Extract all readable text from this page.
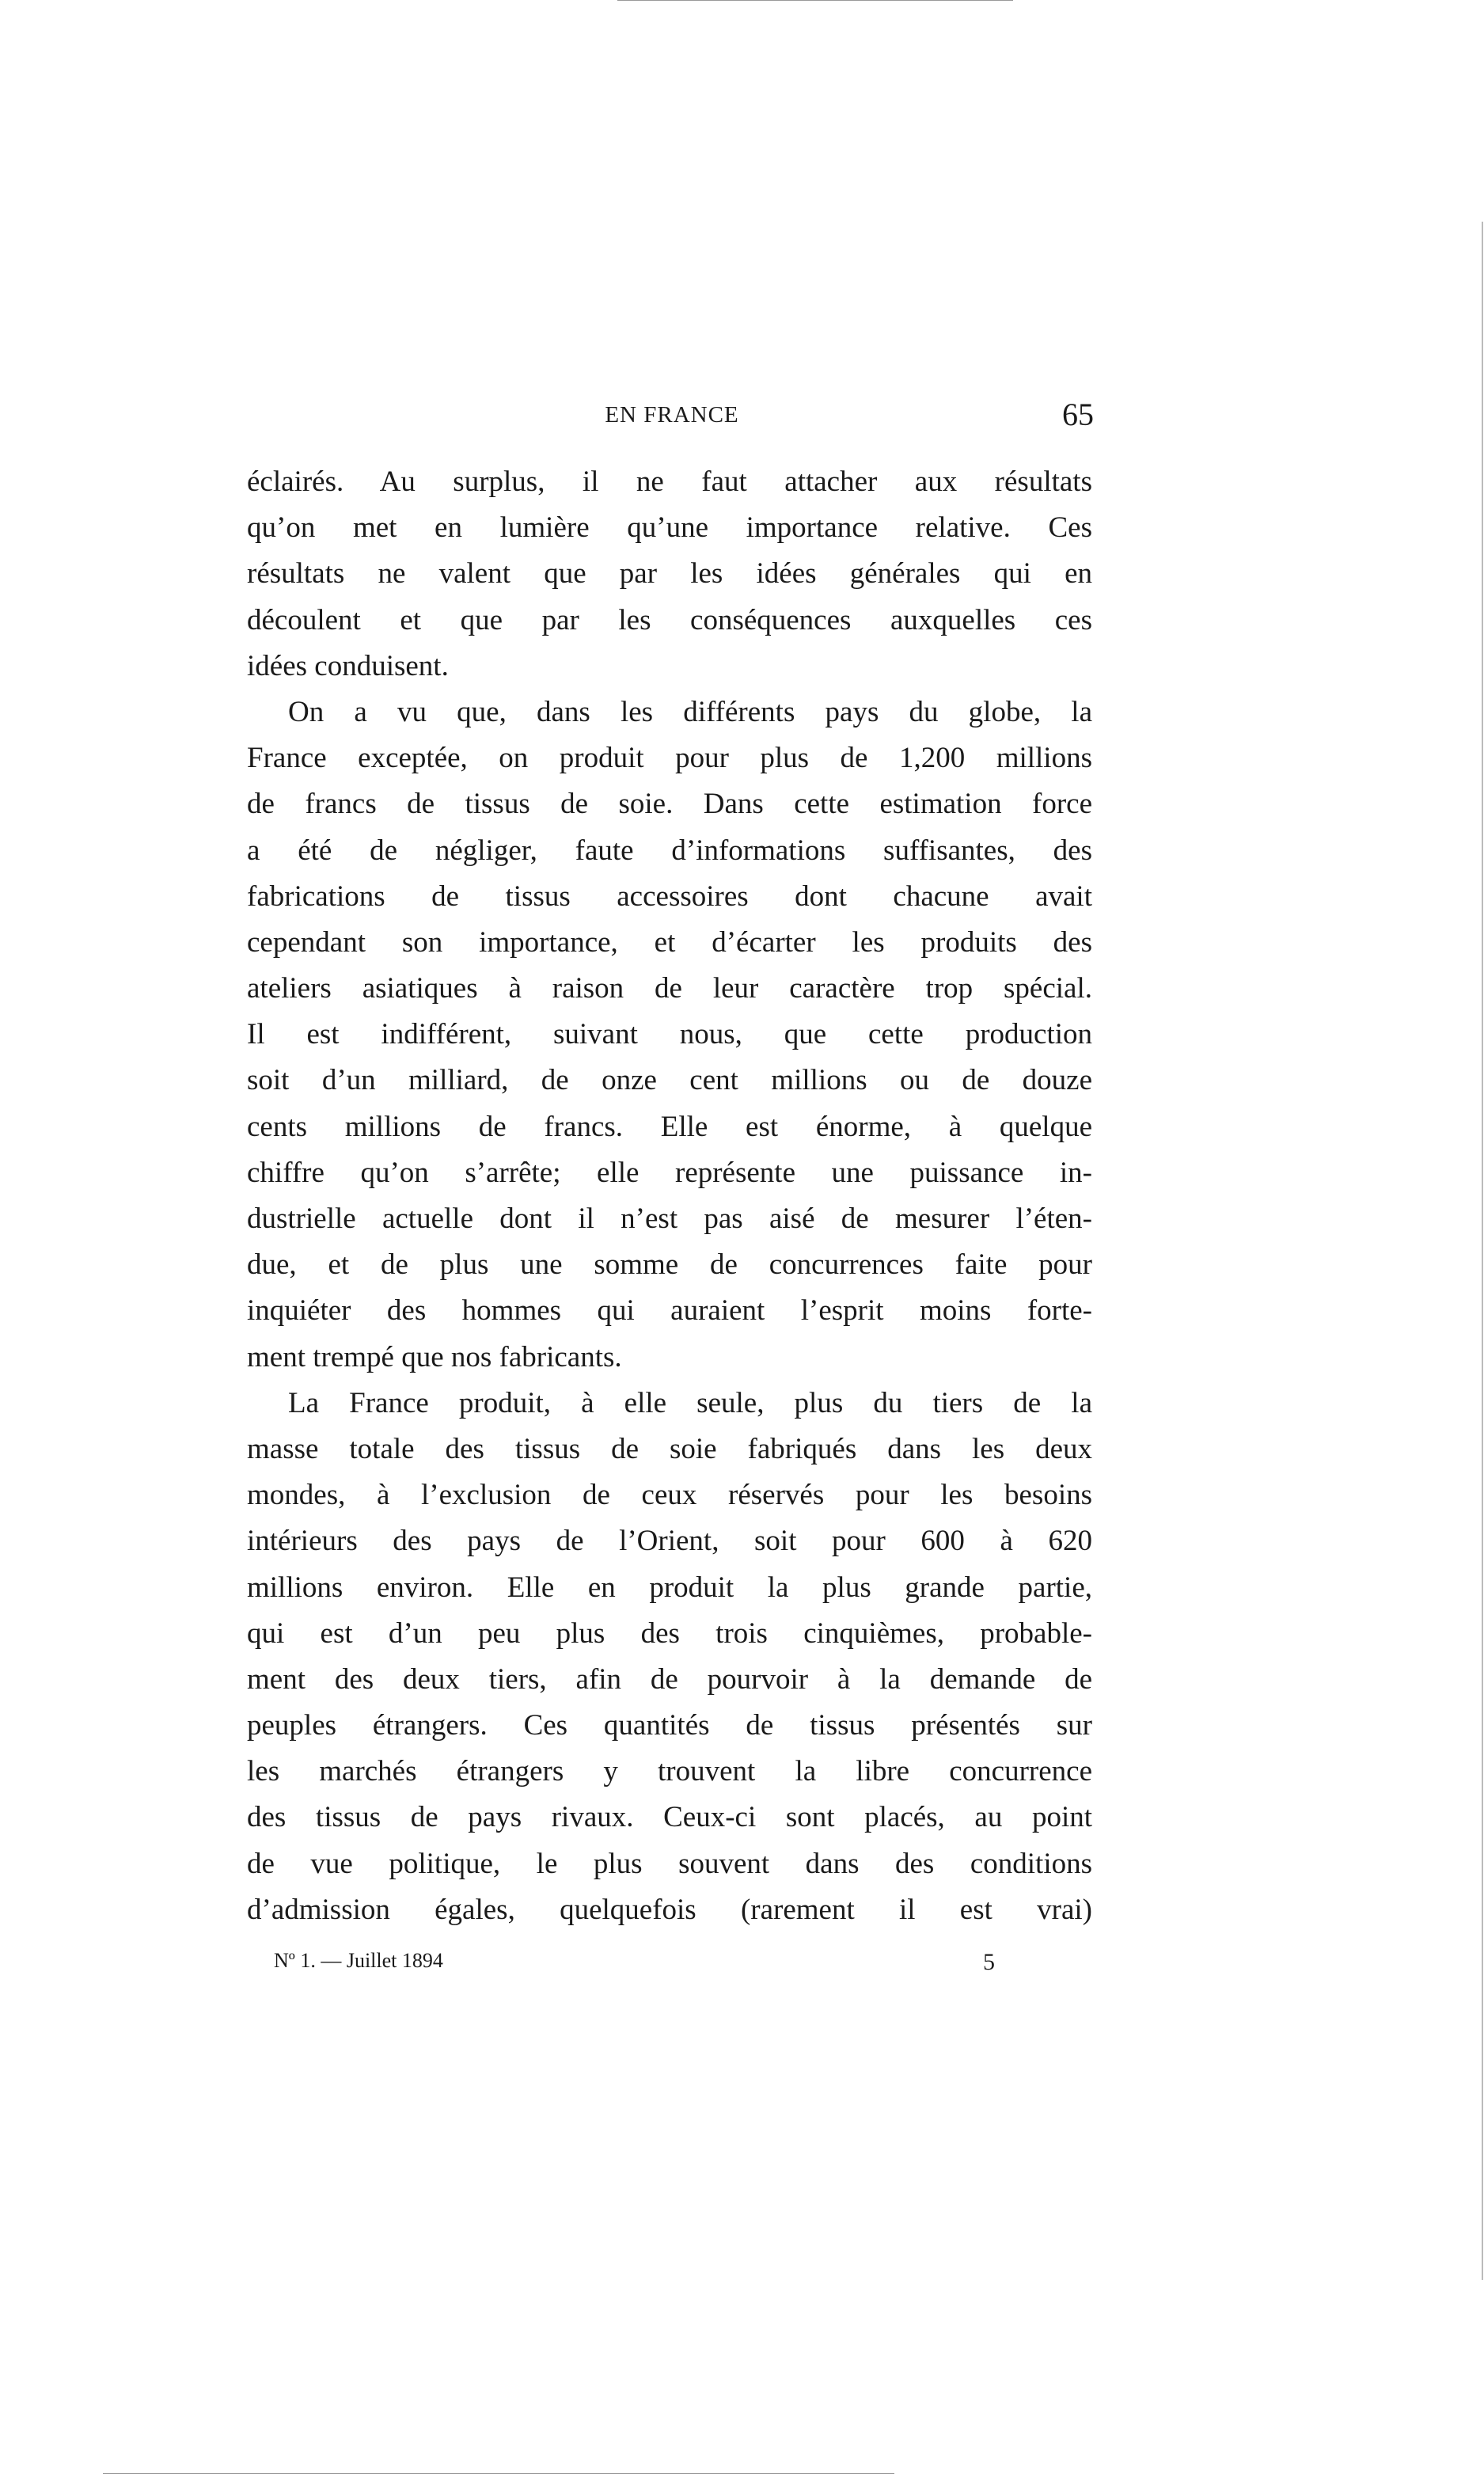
EN FRANCE	65
éclairés. Au surplus, il ne faut attacher aux résultats
qu’on met en lumière qu’une importance relative. Ces
résultats ne valent que par les idées générales qui en
découlent et que par les conséquences auxquelles ces
idées conduisent.
On a vu que, dans les différents pays du globe, la
France exceptée, on produit pour plus de 1,200 millions
de francs de tissus de soie. Dans cette estimation force
a été de négliger, faute d’informations suffisantes, des
fabrications de tissus accessoires dont chacune avait
cependant son importance, et d’écarter les produits des
ateliers asiatiques à raison de leur caractère trop spécial.
Il est indifférent, suivant nous, que cette production
soit d’un milliard, de onze cent millions ou de douze
cents millions de francs. Elle est énorme, à quelque
chiffre qu’on s’arrête; elle représente une puissance in-
dustrielle actuelle dont il n’est pas aisé de mesurer l’éten-
due, et de plus une somme de concurrences faite pour
inquiéter des hommes qui auraient l’esprit moins forte-
ment trempé que nos fabricants.
La France produit, à elle seule, plus du tiers de la
masse totale des tissus de soie fabriqués dans les deux
mondes, à l’exclusion de ceux réservés pour les besoins
intérieurs des pays de l’Orient, soit pour 600 à 620
millions environ. Elle en produit la plus grande partie,
qui est d’un peu plus des trois cinquièmes, probable-
ment des deux tiers, afin de pourvoir à la demande de
peuples étrangers. Ces quantités de tissus présentés sur
les marchés étrangers y trouvent la libre concurrence
des tissus de pays rivaux. Ceux-ci sont placés, au point
de vue politique, le plus souvent dans des conditions
d’admission égales, quelquefois (rarement il est vrai)
Nº 1. — Juillet 1894	5
